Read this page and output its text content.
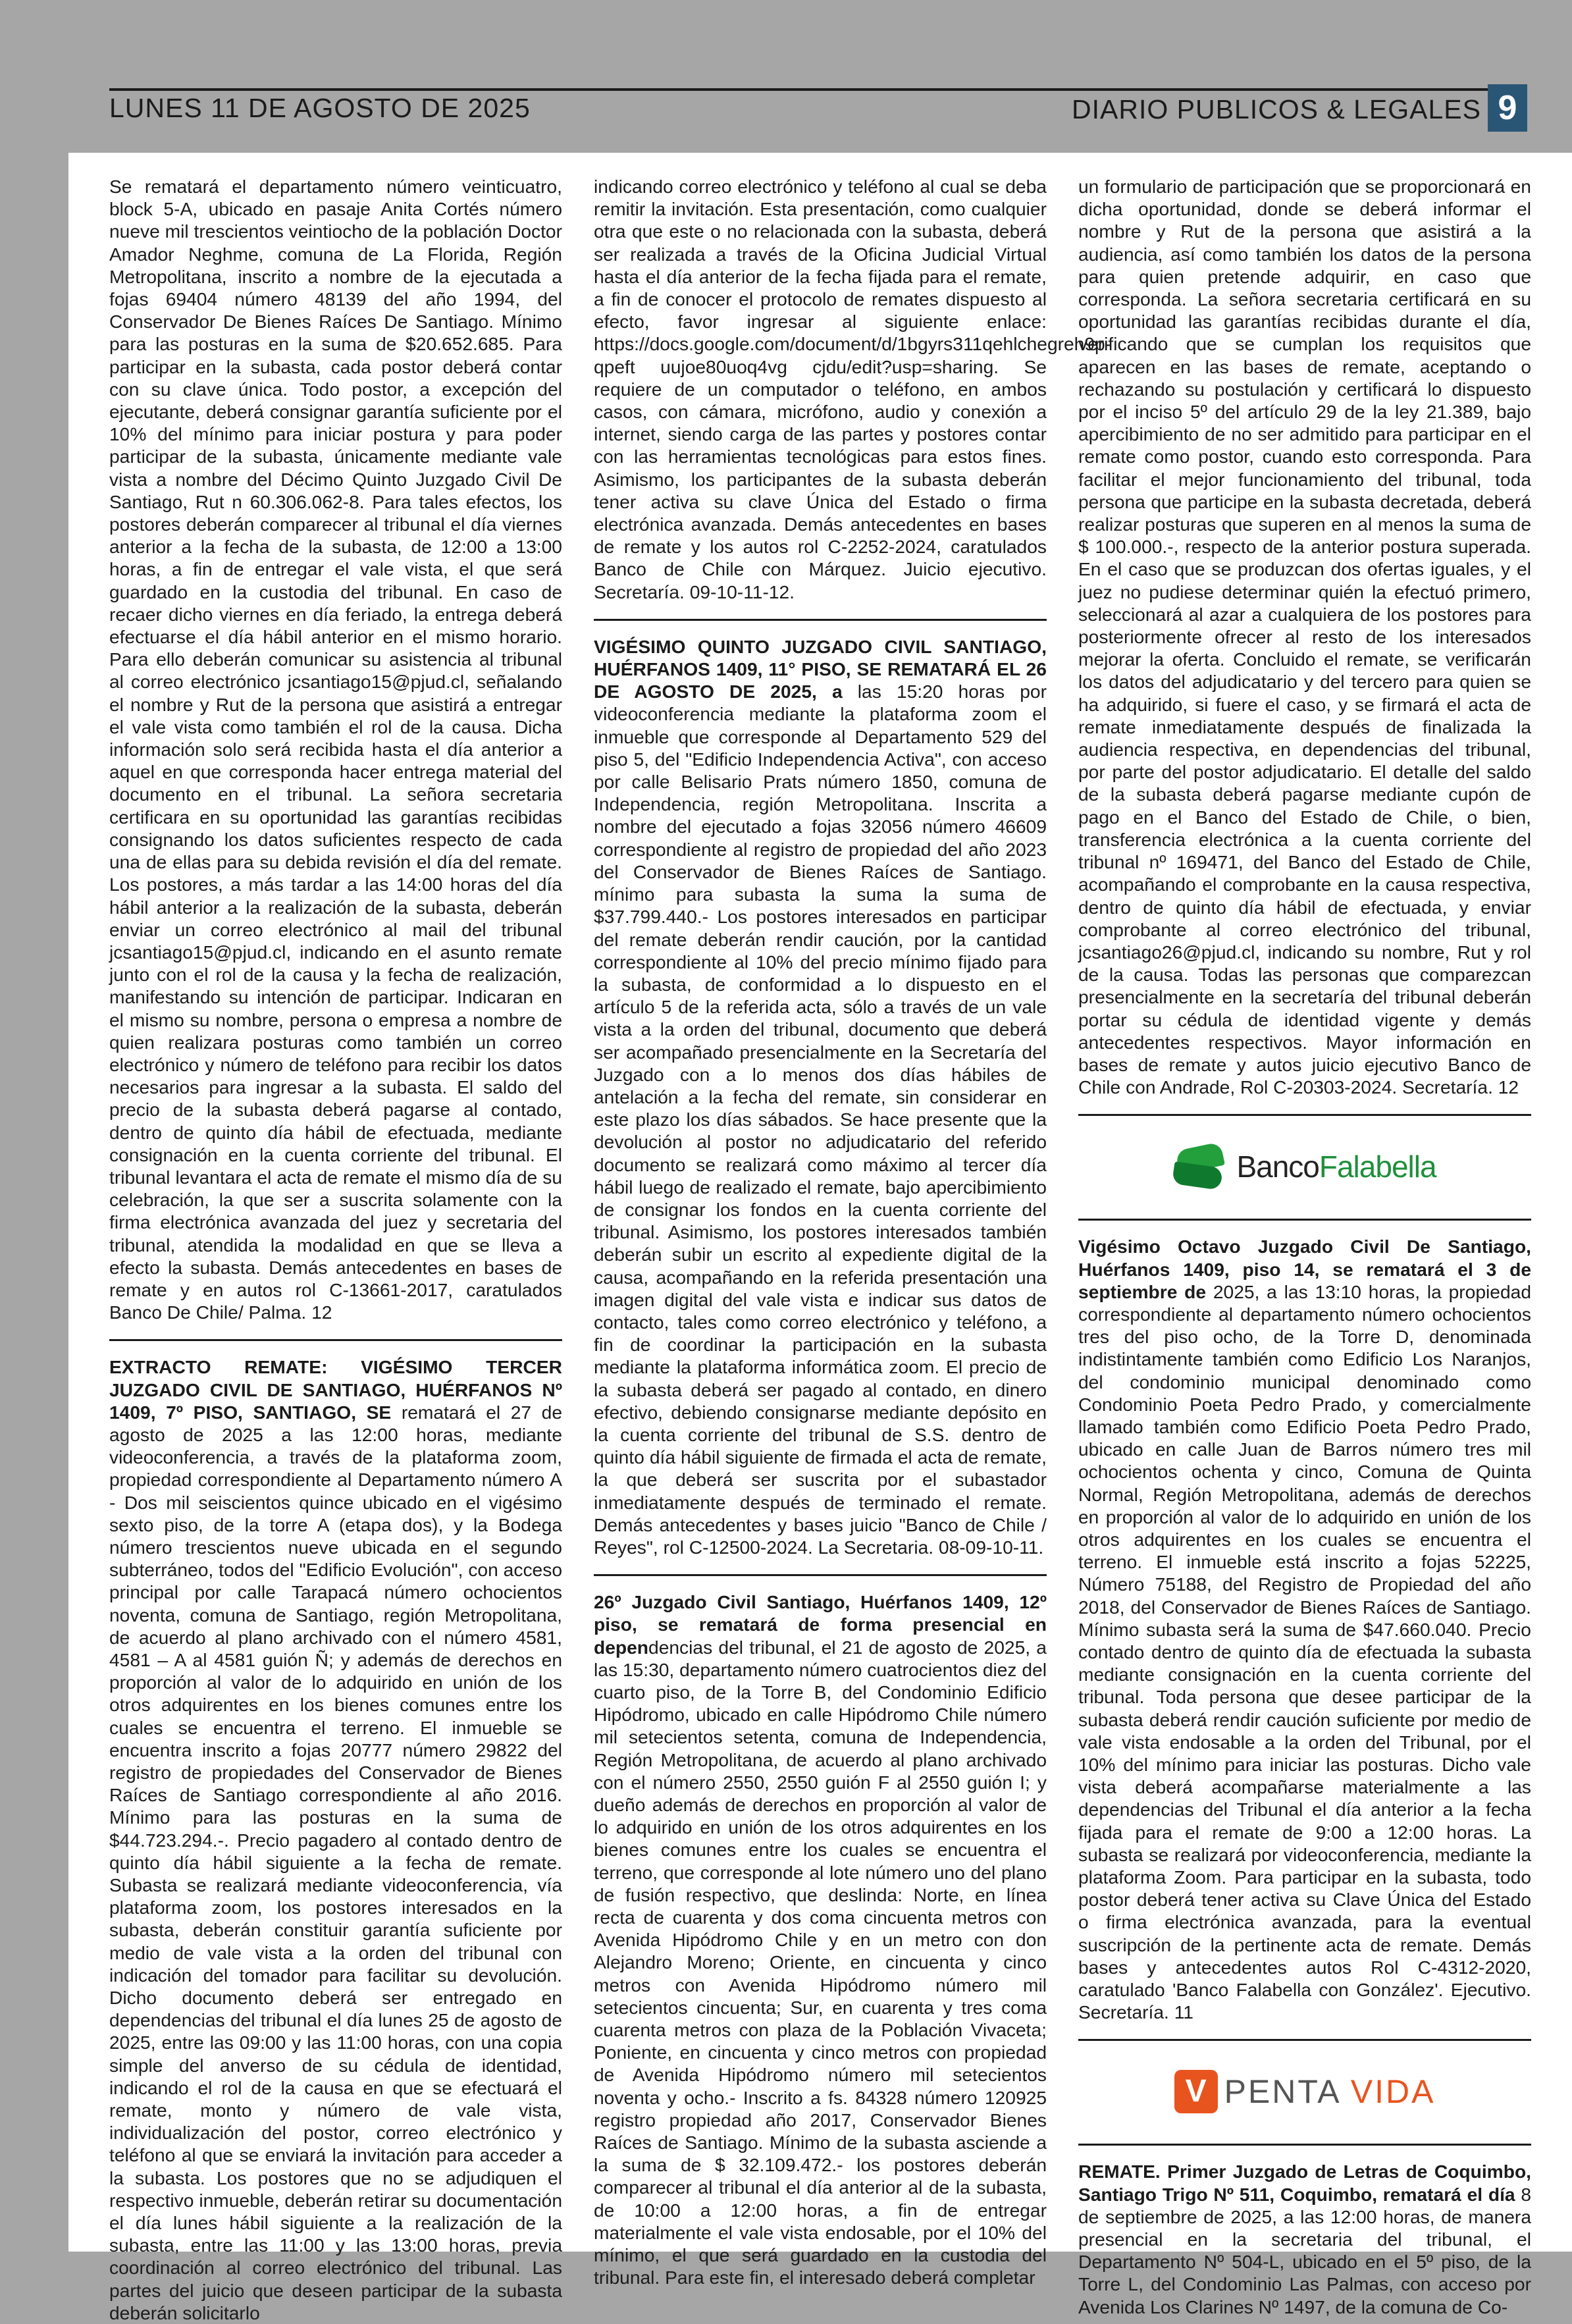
LUNES 11 DE AGOSTO DE 2025	DIARIO PUBLICOS & LEGALES 9

Se rematará el departamento número veinticuatro, block 5-A, ubicado en pasaje Anita Cortés número nueve mil trescientos veintiocho de la población Doctor Amador Neghme, comuna de La Florida, Región Metropolitana, inscrito a nombre de la ejecutada a fojas 69404 número 48139 del año 1994, del Conservador De Bienes Raíces De Santiago. Mínimo para las posturas en la suma de $20.652.685. Para participar en la subasta, cada postor deberá contar con su clave única. Todo postor, a excepción del ejecutante, deberá consignar garantía suficiente por el 10% del mínimo para iniciar postura y para poder participar de la subasta, únicamente mediante vale vista a nombre del Décimo Quinto Juzgado Civil De Santiago, Rut n 60.306.062-8. Para tales efectos, los postores deberán comparecer al tribunal el día viernes anterior a la fecha de la subasta, de 12:00 a 13:00 horas, a fin de entregar el vale vista, el que será guardado en la custodia del tribunal. En caso de recaer dicho viernes en día feriado, la entrega deberá efectuarse el día hábil anterior en el mismo horario. Para ello deberán comunicar su asistencia al tribunal al correo electrónico jcsantiago15@pjud.cl, señalando el nombre y Rut de la persona que asistirá a entregar el vale vista como también el rol de la causa. Dicha información solo será recibida hasta el día anterior a aquel en que corresponda hacer entrega material del documento en el tribunal. La señora secretaria certificara en su oportunidad las garantías recibidas consignando los datos suficientes respecto de cada una de ellas para su debida revisión el día del remate. Los postores, a más tardar a las 14:00 horas del día hábil anterior a la realización de la subasta, deberán enviar un correo electrónico al mail del tribunal jcsantiago15@pjud.cl, indicando en el asunto remate junto con el rol de la causa y la fecha de realización, manifestando su intención de participar. Indicaran en el mismo su nombre, persona o empresa a nombre de quien realizara posturas como también un correo electrónico y número de teléfono para recibir los datos necesarios para ingresar a la subasta. El saldo del precio de la subasta deberá pagarse al contado, dentro de quinto día hábil de efectuada, mediante consignación en la cuenta corriente del tribunal. El tribunal levantara el acta de remate el mismo día de su celebración, la que ser a suscrita solamente con la firma electrónica avanzada del juez y secretaria del tribunal, atendida la modalidad en que se lleva a efecto la subasta. Demás antecedentes en bases de remate y en autos rol C-13661-2017, caratulados Banco De Chile/ Palma. 12

EXTRACTO REMATE: VIGÉSIMO TERCER JUZGADO CIVIL DE SANTIAGO, HUÉRFANOS Nº 1409, 7º PISO, SANTIAGO, SE rematará el 27 de agosto de 2025 a las 12:00 horas, mediante videoconferencia, a través de la plataforma zoom, propiedad correspondiente al Departamento número A - Dos mil seiscientos quince ubicado en el vigésimo sexto piso, de la torre A (etapa dos), y la Bodega número trescientos nueve ubicada en el segundo subterráneo, todos del "Edificio Evolución", con acceso principal por calle Tarapacá número ochocientos noventa, comuna de Santiago, región Metropolitana, de acuerdo al plano archivado con el número 4581, 4581 – A al 4581 guión Ñ; y además de derechos en proporción al valor de lo adquirido en unión de los otros adquirentes en los bienes comunes entre los cuales se encuentra el terreno. El inmueble se encuentra inscrito a fojas 20777 número 29822 del registro de propiedades del Conservador de Bienes Raíces de Santiago correspondiente al año 2016. Mínimo para las posturas en la suma de $44.723.294.-. Precio pagadero al contado dentro de quinto día hábil siguiente a la fecha de remate. Subasta se realizará mediante videoconferencia, vía plataforma zoom, los postores interesados en la subasta, deberán constituir garantía suficiente por medio de vale vista a la orden del tribunal con indicación del tomador para facilitar su devolución. Dicho documento deberá ser entregado en dependencias del tribunal el día lunes 25 de agosto de 2025, entre las 09:00 y las 11:00 horas, con una copia simple del anverso de su cédula de identidad, indicando el rol de la causa en que se efectuará el remate, monto y número de vale vista, individualización del postor, correo electrónico y teléfono al que se enviará la invitación para acceder a la subasta. Los postores que no se adjudiquen el respectivo inmueble, deberán retirar su documentación el día lunes hábil siguiente a la realización de la subasta, entre las 11:00 y las 13:00 horas, previa coordinación al correo electrónico del tribunal. Las partes del juicio que deseen participar de la subasta deberán solicitarlo

indicando correo electrónico y teléfono al cual se deba remitir la invitación. Esta presentación, como cualquier otra que este o no relacionada con la subasta, deberá ser realizada a través de la Oficina Judicial Virtual hasta el día anterior de la fecha fijada para el remate, a fin de conocer el protocolo de remates dispuesto al efecto, favor ingresar al siguiente enlace: https://docs.google.com/document/d/1bgyrs311qehlchegreh9p-qpeft uujoe80uoq4vg cjdu/edit?usp=sharing. Se requiere de un computador o teléfono, en ambos casos, con cámara, micrófono, audio y conexión a internet, siendo carga de las partes y postores contar con las herramientas tecnológicas para estos fines. Asimismo, los participantes de la subasta deberán tener activa su clave Única del Estado o firma electrónica avanzada. Demás antecedentes en bases de remate y los autos rol C-2252-2024, caratulados Banco de Chile con Márquez. Juicio ejecutivo. Secretaría. 09-10-11-12.

VIGÉSIMO QUINTO JUZGADO CIVIL SANTIAGO, HUÉRFANOS 1409, 11° PISO, SE REMATARÁ EL 26 DE AGOSTO DE 2025, a las 15:20 horas por videoconferencia mediante la plataforma zoom el inmueble que corresponde al Departamento 529 del piso 5, del "Edificio Independencia Activa", con acceso por calle Belisario Prats número 1850, comuna de Independencia, región Metropolitana. Inscrita a nombre del ejecutado a fojas 32056 número 46609 correspondiente al registro de propiedad del año 2023 del Conservador de Bienes Raíces de Santiago. mínimo para subasta la suma la suma de $37.799.440.- Los postores interesados en participar del remate deberán rendir caución, por la cantidad correspondiente al 10% del precio mínimo fijado para la subasta, de conformidad a lo dispuesto en el artículo 5 de la referida acta, sólo a través de un vale vista a la orden del tribunal, documento que deberá ser acompañado presencialmente en la Secretaría del Juzgado con a lo menos dos días hábiles de antelación a la fecha del remate, sin considerar en este plazo los días sábados. Se hace presente que la devolución al postor no adjudicatario del referido documento se realizará como máximo al tercer día hábil luego de realizado el remate, bajo apercibimiento de consignar los fondos en la cuenta corriente del tribunal. Asimismo, los postores interesados también deberán subir un escrito al expediente digital de la causa, acompañando en la referida presentación una imagen digital del vale vista e indicar sus datos de contacto, tales como correo electrónico y teléfono, a fin de coordinar la participación en la subasta mediante la plataforma informática zoom. El precio de la subasta deberá ser pagado al contado, en dinero efectivo, debiendo consignarse mediante depósito en la cuenta corriente del tribunal de S.S. dentro de quinto día hábil siguiente de firmada el acta de remate, la que deberá ser suscrita por el subastador inmediatamente después de terminado el remate. Demás antecedentes y bases juicio "Banco de Chile / Reyes", rol C-12500-2024. La Secretaria. 08-09-10-11.

26º Juzgado Civil Santiago, Huérfanos 1409, 12º piso, se rematará de forma presencial en dependencias del tribunal, el 21 de agosto de 2025, a las 15:30, departamento número cuatrocientos diez del cuarto piso, de la Torre B, del Condominio Edificio Hipódromo, ubicado en calle Hipódromo Chile número mil setecientos setenta, comuna de Independencia, Región Metropolitana, de acuerdo al plano archivado con el número 2550, 2550 guión F al 2550 guión I; y dueño además de derechos en proporción al valor de lo adquirido en unión de los otros adquirentes en los bienes comunes entre los cuales se encuentra el terreno, que corresponde al lote número uno del plano de fusión respectivo, que deslinda: Norte, en línea recta de cuarenta y dos coma cincuenta metros con Avenida Hipódromo Chile y en un metro con don Alejandro Moreno; Oriente, en cincuenta y cinco metros con Avenida Hipódromo número mil setecientos cincuenta; Sur, en cuarenta y tres coma cuarenta metros con plaza de la Población Vivaceta; Poniente, en cincuenta y cinco metros con propiedad de Avenida Hipódromo número mil setecientos noventa y ocho.- Inscrito a fs. 84328 número 120925 registro propiedad año 2017, Conservador Bienes Raíces de Santiago. Mínimo de la subasta asciende a la suma de $ 32.109.472.- los postores deberán comparecer al tribunal el día anterior al de la subasta, de 10:00 a 12:00 horas, a fin de entregar materialmente el vale vista endosable, por el 10% del mínimo, el que será guardado en la custodia del tribunal. Para este fin, el interesado deberá completar

un formulario de participación que se proporcionará en dicha oportunidad, donde se deberá informar el nombre y Rut de la persona que asistirá a la audiencia, así como también los datos de la persona para quien pretende adquirir, en caso que corresponda. La señora secretaria certificará en su oportunidad las garantías recibidas durante el día, verificando que se cumplan los requisitos que aparecen en las bases de remate, aceptando o rechazando su postulación y certificará lo dispuesto por el inciso 5º del artículo 29 de la ley 21.389, bajo apercibimiento de no ser admitido para participar en el remate como postor, cuando esto corresponda. Para facilitar el mejor funcionamiento del tribunal, toda persona que participe en la subasta decretada, deberá realizar posturas que superen en al menos la suma de $ 100.000.-, respecto de la anterior postura superada. En el caso que se produzcan dos ofertas iguales, y el juez no pudiese determinar quién la efectuó primero, seleccionará al azar a cualquiera de los postores para posteriormente ofrecer al resto de los interesados mejorar la oferta. Concluido el remate, se verificarán los datos del adjudicatario y del tercero para quien se ha adquirido, si fuere el caso, y se firmará el acta de remate inmediatamente después de finalizada la audiencia respectiva, en dependencias del tribunal, por parte del postor adjudicatario. El detalle del saldo de la subasta deberá pagarse mediante cupón de pago en el Banco del Estado de Chile, o bien, transferencia electrónica a la cuenta corriente del tribunal nº 169471, del Banco del Estado de Chile, acompañando el comprobante en la causa respectiva, dentro de quinto día hábil de efectuada, y enviar comprobante al correo electrónico del tribunal, jcsantiago26@pjud.cl, indicando su nombre, Rut y rol de la causa. Todas las personas que comparezcan presencialmente en la secretaría del tribunal deberán portar su cédula de identidad vigente y demás antecedentes respectivos. Mayor información en bases de remate y autos juicio ejecutivo Banco de Chile con Andrade, Rol C-20303-2024. Secretaría. 12

BancoFalabella

Vigésimo Octavo Juzgado Civil De Santiago, Huérfanos 1409, piso 14, se rematará el 3 de septiembre de 2025, a las 13:10 horas, la propiedad correspondiente al departamento número ochocientos tres del piso ocho, de la Torre D, denominada indistintamente también como Edificio Los Naranjos, del condominio municipal denominado como Condominio Poeta Pedro Prado, y comercialmente llamado también como Edificio Poeta Pedro Prado, ubicado en calle Juan de Barros número tres mil ochocientos ochenta y cinco, Comuna de Quinta Normal, Región Metropolitana, además de derechos en proporción al valor de lo adquirido en unión de los otros adquirentes en los cuales se encuentra el terreno. El inmueble está inscrito a fojas 52225, Número 75188, del Registro de Propiedad del año 2018, del Conservador de Bienes Raíces de Santiago. Mínimo subasta será la suma de $47.660.040. Precio contado dentro de quinto día de efectuada la subasta mediante consignación en la cuenta corriente del tribunal. Toda persona que desee participar de la subasta deberá rendir caución suficiente por medio de vale vista endosable a la orden del Tribunal, por el 10% del mínimo para iniciar las posturas. Dicho vale vista deberá acompañarse materialmente a las dependencias del Tribunal el día anterior a la fecha fijada para el remate de 9:00 a 12:00 horas. La subasta se realizará por videoconferencia, mediante la plataforma Zoom. Para participar en la subasta, todo postor deberá tener activa su Clave Única del Estado o firma electrónica avanzada, para la eventual suscripción de la pertinente acta de remate. Demás bases y antecedentes autos Rol C-4312-2020, caratulado 'Banco Falabella con González'. Ejecutivo. Secretaría. 11

V PENTA VIDA

REMATE. Primer Juzgado de Letras de Coquimbo, Santiago Trigo Nº 511, Coquimbo, rematará el día 8 de septiembre de 2025, a las 12:00 horas, de manera presencial en la secretaria del tribunal, el Departamento Nº 504-L, ubicado en el 5º piso, de la Torre L, del Condominio Las Palmas, con acceso por Avenida Los Clarines Nº 1497, de la comuna de Co-
